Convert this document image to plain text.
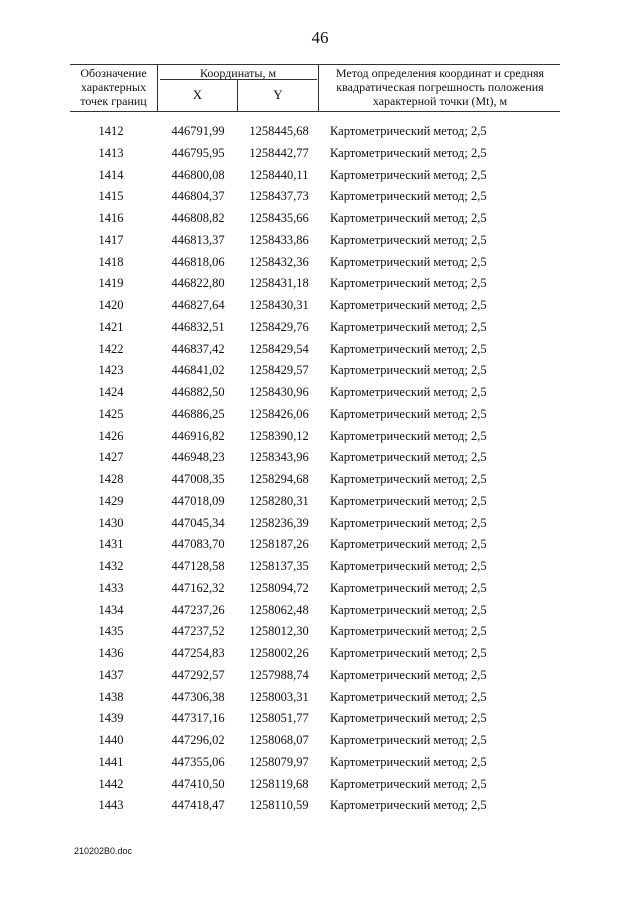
46
Обозначение
характерных
точек границ
Координаты, м
X	Y
Метод определения координат и средняя
квадратическая погрешность положения
характерной точки (Mt), м
1412	446791,99	1258445,68	Картометрический метод; 2,5
1413	446795,95	1258442,77	Картометрический метод; 2,5
1414	446800,08	1258440,11	Картометрический метод; 2,5
1415	446804,37	1258437,73	Картометрический метод; 2,5
1416	446808,82	1258435,66	Картометрический метод; 2,5
1417	446813,37	1258433,86	Картометрический метод; 2,5
1418	446818,06	1258432,36	Картометрический метод; 2,5
1419	446822,80	1258431,18	Картометрический метод; 2,5
1420	446827,64	1258430,31	Картометрический метод; 2,5
1421	446832,51	1258429,76	Картометрический метод; 2,5
1422	446837,42	1258429,54	Картометрический метод; 2,5
1423	446841,02	1258429,57	Картометрический метод; 2,5
1424	446882,50	1258430,96	Картометрический метод; 2,5
1425	446886,25	1258426,06	Картометрический метод; 2,5
1426	446916,82	1258390,12	Картометрический метод; 2,5
1427	446948,23	1258343,96	Картометрический метод; 2,5
1428	447008,35	1258294,68	Картометрический метод; 2,5
1429	447018,09	1258280,31	Картометрический метод; 2,5
1430	447045,34	1258236,39	Картометрический метод; 2,5
1431	447083,70	1258187,26	Картометрический метод; 2,5
1432	447128,58	1258137,35	Картометрический метод; 2,5
1433	447162,32	1258094,72	Картометрический метод; 2,5
1434	447237,26	1258062,48	Картометрический метод; 2,5
1435	447237,52	1258012,30	Картометрический метод; 2,5
1436	447254,83	1258002,26	Картометрический метод; 2,5
1437	447292,57	1257988,74	Картометрический метод; 2,5
1438	447306,38	1258003,31	Картометрический метод; 2,5
1439	447317,16	1258051,77	Картометрический метод; 2,5
1440	447296,02	1258068,07	Картометрический метод; 2,5
1441	447355,06	1258079,97	Картометрический метод; 2,5
1442	447410,50	1258119,68	Картометрический метод; 2,5
1443	447418,47	1258110,59	Картометрический метод; 2,5
210202B0.doc
